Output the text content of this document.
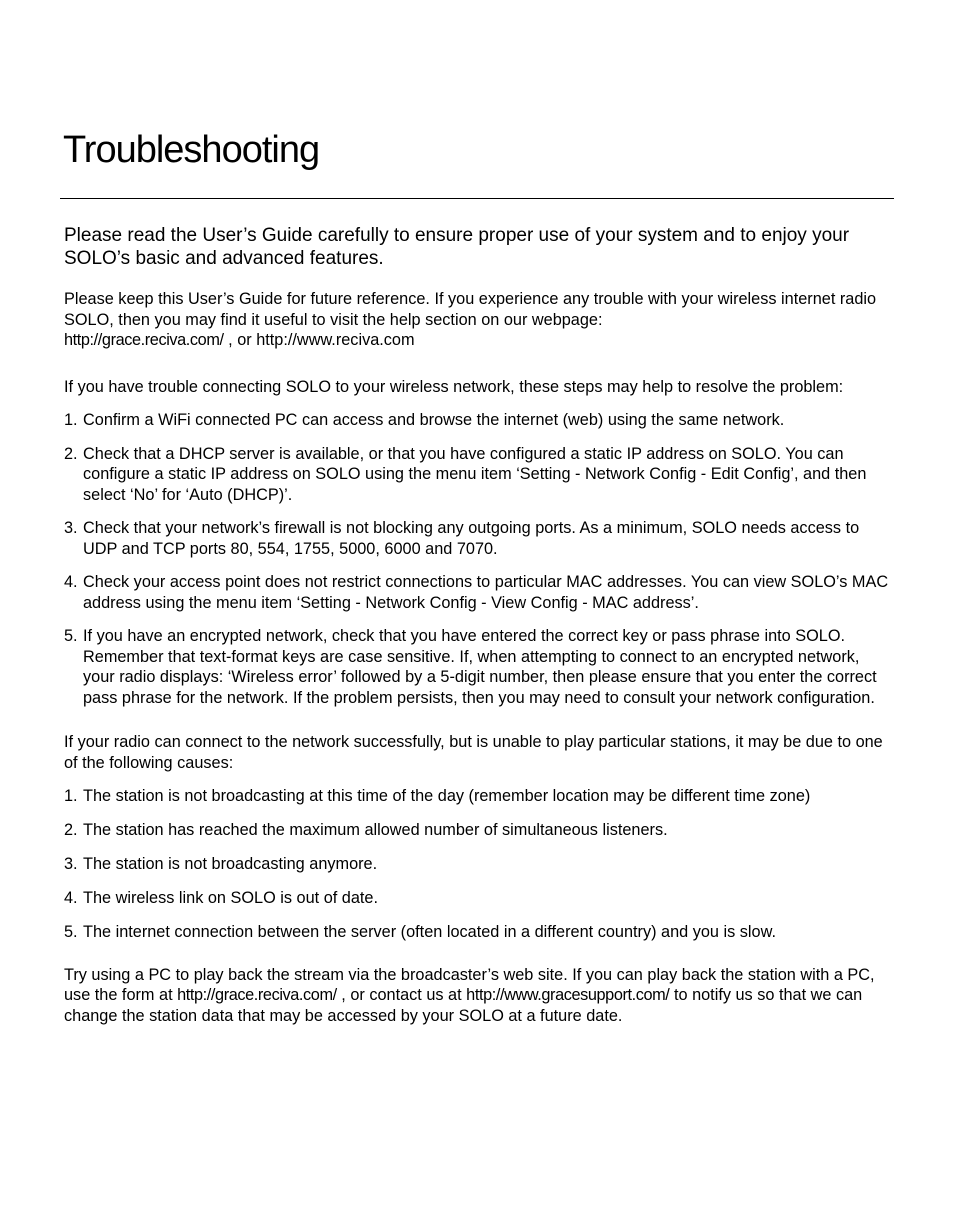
Troubleshooting

Please read the User’s Guide carefully to ensure proper use of your system and to enjoy your SOLO’s basic and advanced features.

Please keep this User’s Guide for future reference. If you experience any trouble with your wireless internet radio SOLO, then you may find it useful to visit the help section on our webpage:
http://grace.reciva.com/ , or http://www.reciva.com

If you have trouble connecting SOLO to your wireless network, these steps may help to resolve the problem:

1. Confirm a WiFi connected PC can access and browse the internet (web) using the same network.
2. Check that a DHCP server is available, or that you have configured a static IP address on SOLO. You can configure a static IP address on SOLO using the menu item ‘Setting - Network Config - Edit Config’, and then select ‘No’ for ‘Auto (DHCP)’.
3. Check that your network’s firewall is not blocking any outgoing ports. As a minimum, SOLO needs access to UDP and TCP ports 80, 554, 1755, 5000, 6000 and 7070.
4. Check your access point does not restrict connections to particular MAC addresses. You can view SOLO’s MAC address using the menu item ‘Setting - Network Config - View Config - MAC address’.
5. If you have an encrypted network, check that you have entered the correct key or pass phrase into SOLO. Remember that text-format keys are case sensitive. If, when attempting to connect to an encrypted network, your radio displays: ‘Wireless error’ followed by a 5-digit number, then please ensure that you enter the correct pass phrase for the network. If the problem persists, then you may need to consult your network configuration.

If your radio can connect to the network successfully, but is unable to play particular stations, it may be due to one of the following causes:

1. The station is not broadcasting at this time of the day (remember location may be different time zone)
2. The station has reached the maximum allowed number of simultaneous listeners.
3. The station is not broadcasting anymore.
4. The wireless link on SOLO is out of date.
5. The internet connection between the server (often located in a different country) and you is slow.

Try using a PC to play back the stream via the broadcaster’s web site. If you can play back the station with a PC, use the form at http://grace.reciva.com/ , or contact us at http://www.gracesupport.com/ to notify us so that we can change the station data that may be accessed by your SOLO at a future date.
